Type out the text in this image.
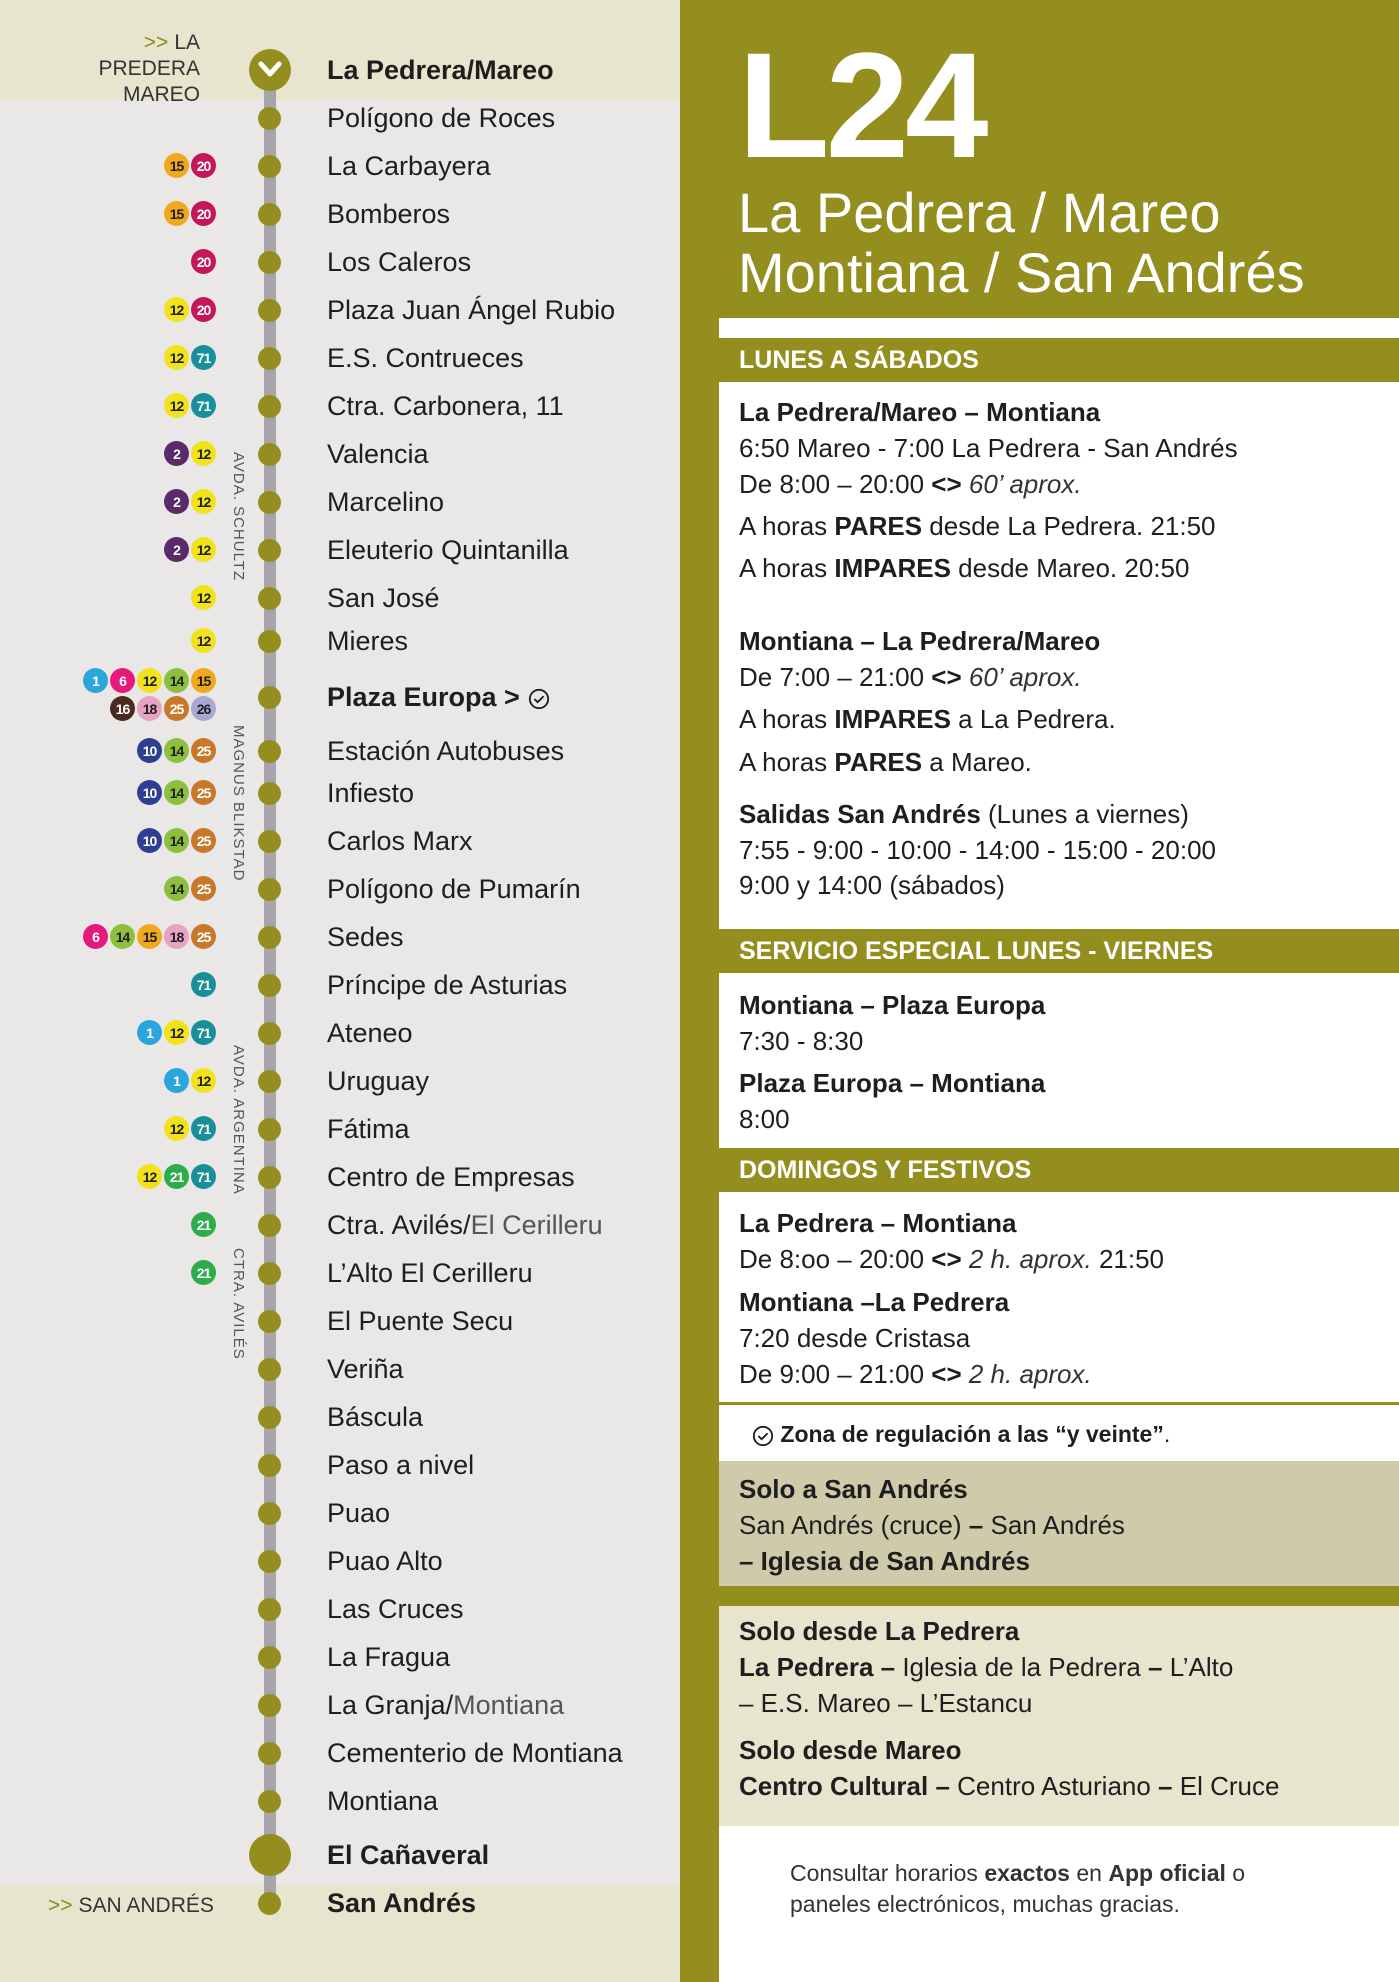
>> LA PREDERA
MAREO
>> SAN ANDRÉS
La Pedrera/Mareo
Polígono de Roces
La Carbayera
15 20
Bomberos
15 20
Los Caleros
20
Plaza Juan Ángel Rubio
12 20
E.S. Contrueces
12 71
Ctra. Carbonera, 11
12 71
Valencia
2	12
Marcelino
2	12
Eleuterio Quintanilla
2	12
San José
12
Mieres
12
Plaza Europa >
1	6	12 14 15
16 18 25 26
Estación Autobuses
10 14 25
Infiesto
10 14 25
Carlos Marx
10 14 25
Polígono de Pumarín
14 25
Sedes
6	14 15 18 25
Príncipe de Asturias
71
Ateneo
1	12 71
Uruguay
1	12
Fátima
12 71
Centro de Empresas
12 21 71
Ctra. Avilés/El Cerilleru
21
L’Alto El Cerilleru
21
El Puente Secu
Veriña
Báscula
Paso a nivel
Puao
Puao Alto
Las Cruces
La Fragua
La Granja/Montiana
Cementerio de Montiana
Montiana
El Cañaveral
San Andrés
AVDA. SCHULTZ
MAGNUS BLIKSTAD
AVDA. ARGENTINA
CTRA. AVILÉS
L24
La Pedrera / Mareo
Montiana / San Andrés
LUNES A SÁBADOS
La Pedrera/Mareo – Montiana
6:50 Mareo - 7:00 La Pedrera - San Andrés
De 8:00 – 20:00 <> 60’ aprox.
A horas PARES desde La Pedrera. 21:50
A horas IMPARES desde Mareo. 20:50
Montiana – La Pedrera/Mareo
De 7:00 – 21:00 <> 60’ aprox.
A horas IMPARES a La Pedrera.
A horas PARES a Mareo.
Salidas San Andrés (Lunes a viernes)
7:55 - 9:00 - 10:00 - 14:00 - 15:00 - 20:00
9:00 y 14:00 (sábados)
SERVICIO ESPECIAL LUNES - VIERNES
Montiana – Plaza Europa
7:30 - 8:30
Plaza Europa – Montiana
8:00
DOMINGOS Y FESTIVOS
La Pedrera – Montiana
De 8:oo – 20:00 <> 2 h. aprox. 21:50
Montiana –La Pedrera
7:20 desde Cristasa
De 9:00 – 21:00 <> 2 h. aprox.
Zona de regulación a las “y veinte”.
Solo a San Andrés
San Andrés (cruce) – San Andrés
– Iglesia de San Andrés
Solo desde La Pedrera
La Pedrera – Iglesia de la Pedrera – L’Alto
– E.S. Mareo – L’Estancu
Solo desde Mareo
Centro Cultural – Centro Asturiano – El Cruce
Consultar horarios exactos en App oficial o
paneles electrónicos, muchas gracias.
